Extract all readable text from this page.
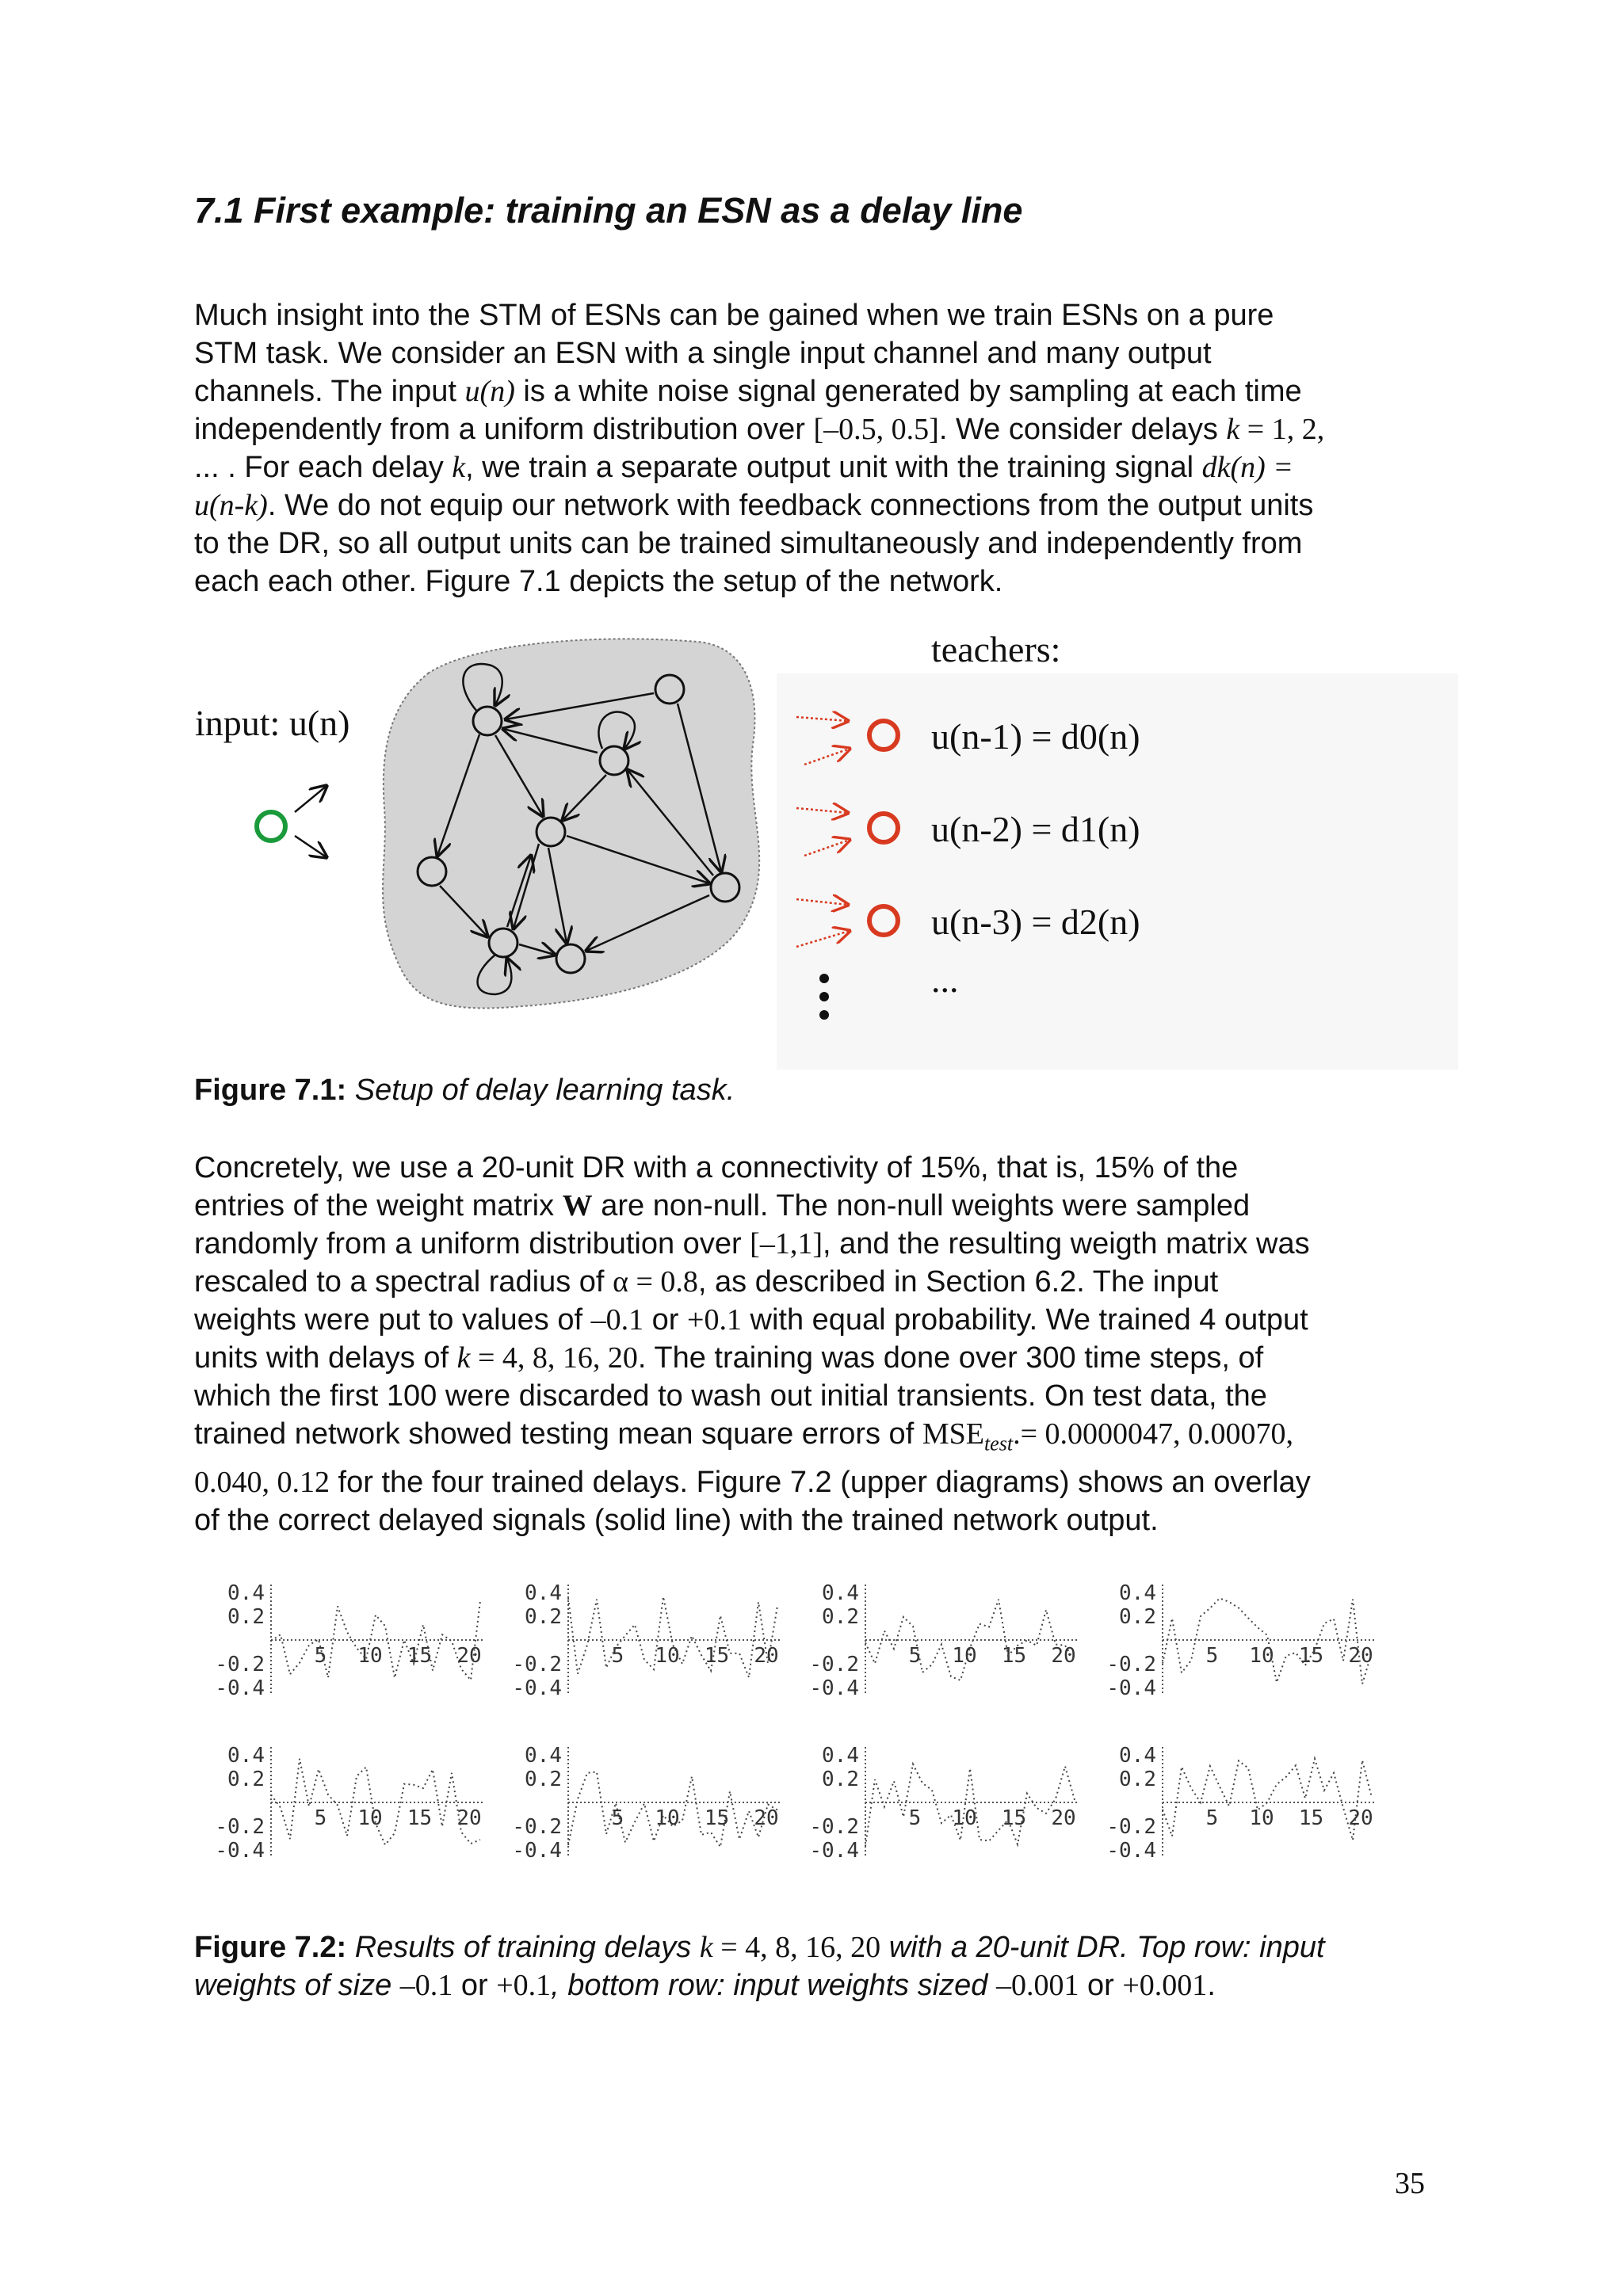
7.1 First example: training an ESN as a delay line

Much insight into the STM of ESNs can be gained when we train ESNs on a pure

STM task. We consider an ESN with a single input channel and many output

channels. The input u(n) is a white noise signal generated by sampling at each time

independently from a uniform distribution over [–0.5, 0.5]. We consider delays k = 1, 2,

... . For each delay k, we train a separate output unit with the training signal dk(n) =

u(n-k). We do not equip our network with feedback connections from the output units

to the DR, so all output units can be trained simultaneously and independently from

each each other. Figure 7.1 depicts the setup of the network.

input: u(n)
teachers:
u(n-1) = d0(n)
u(n-2) = d1(n)
u(n-3) = d2(n)
...
Figure 7.1: Setup of delay learning task.

Concretely, we use a 20-unit DR with a connectivity of 15%, that is, 15% of the

entries of the weight matrix W are non-null. The non-null weights were sampled

randomly from a uniform distribution over [–1,1], and the resulting weigth matrix was

rescaled to a spectral radius of α = 0.8, as described in Section 6.2. The input

weights were put to values of –0.1 or +0.1 with equal probability. We trained 4 output

units with delays of k = 4, 8, 16, 20. The training was done over 300 time steps, of

which the first 100 were discarded to wash out initial transients. On test data, the

trained network showed testing mean square errors of $MSE_{test}.= 0.0000047$, 0.00070,

0.040, 0.12 for the four trained delays. Figure 7.2 (upper diagrams) shows an overlay

of the correct delayed signals (solid line) with the trained network output.

0.4
0.2
-0.2
-0.4
5 10 15 20
0.4
0.2
-0.2
-0.4
5 10 15 20
0.4
0.2
-0.2
-0.4
5 10 15 20
0.4
0.2
-0.2
-0.4
5 10 15 20
0.4
0.2
-0.2
-0.4
5 10 15 20
0.4
0.2
-0.2
-0.4
5 10 15 20
0.4
0.2
-0.2
-0.4
5 10 15 20
0.4
0.2
-0.2
-0.4
5 10 15 20
Figure 7.2: Results of training delays k = 4, 8, 16, 20 with a 20-unit DR. Top row: input
weights of size –0.1 or +0.1, bottom row: input weights sized –0.001 or +0.001.
35
